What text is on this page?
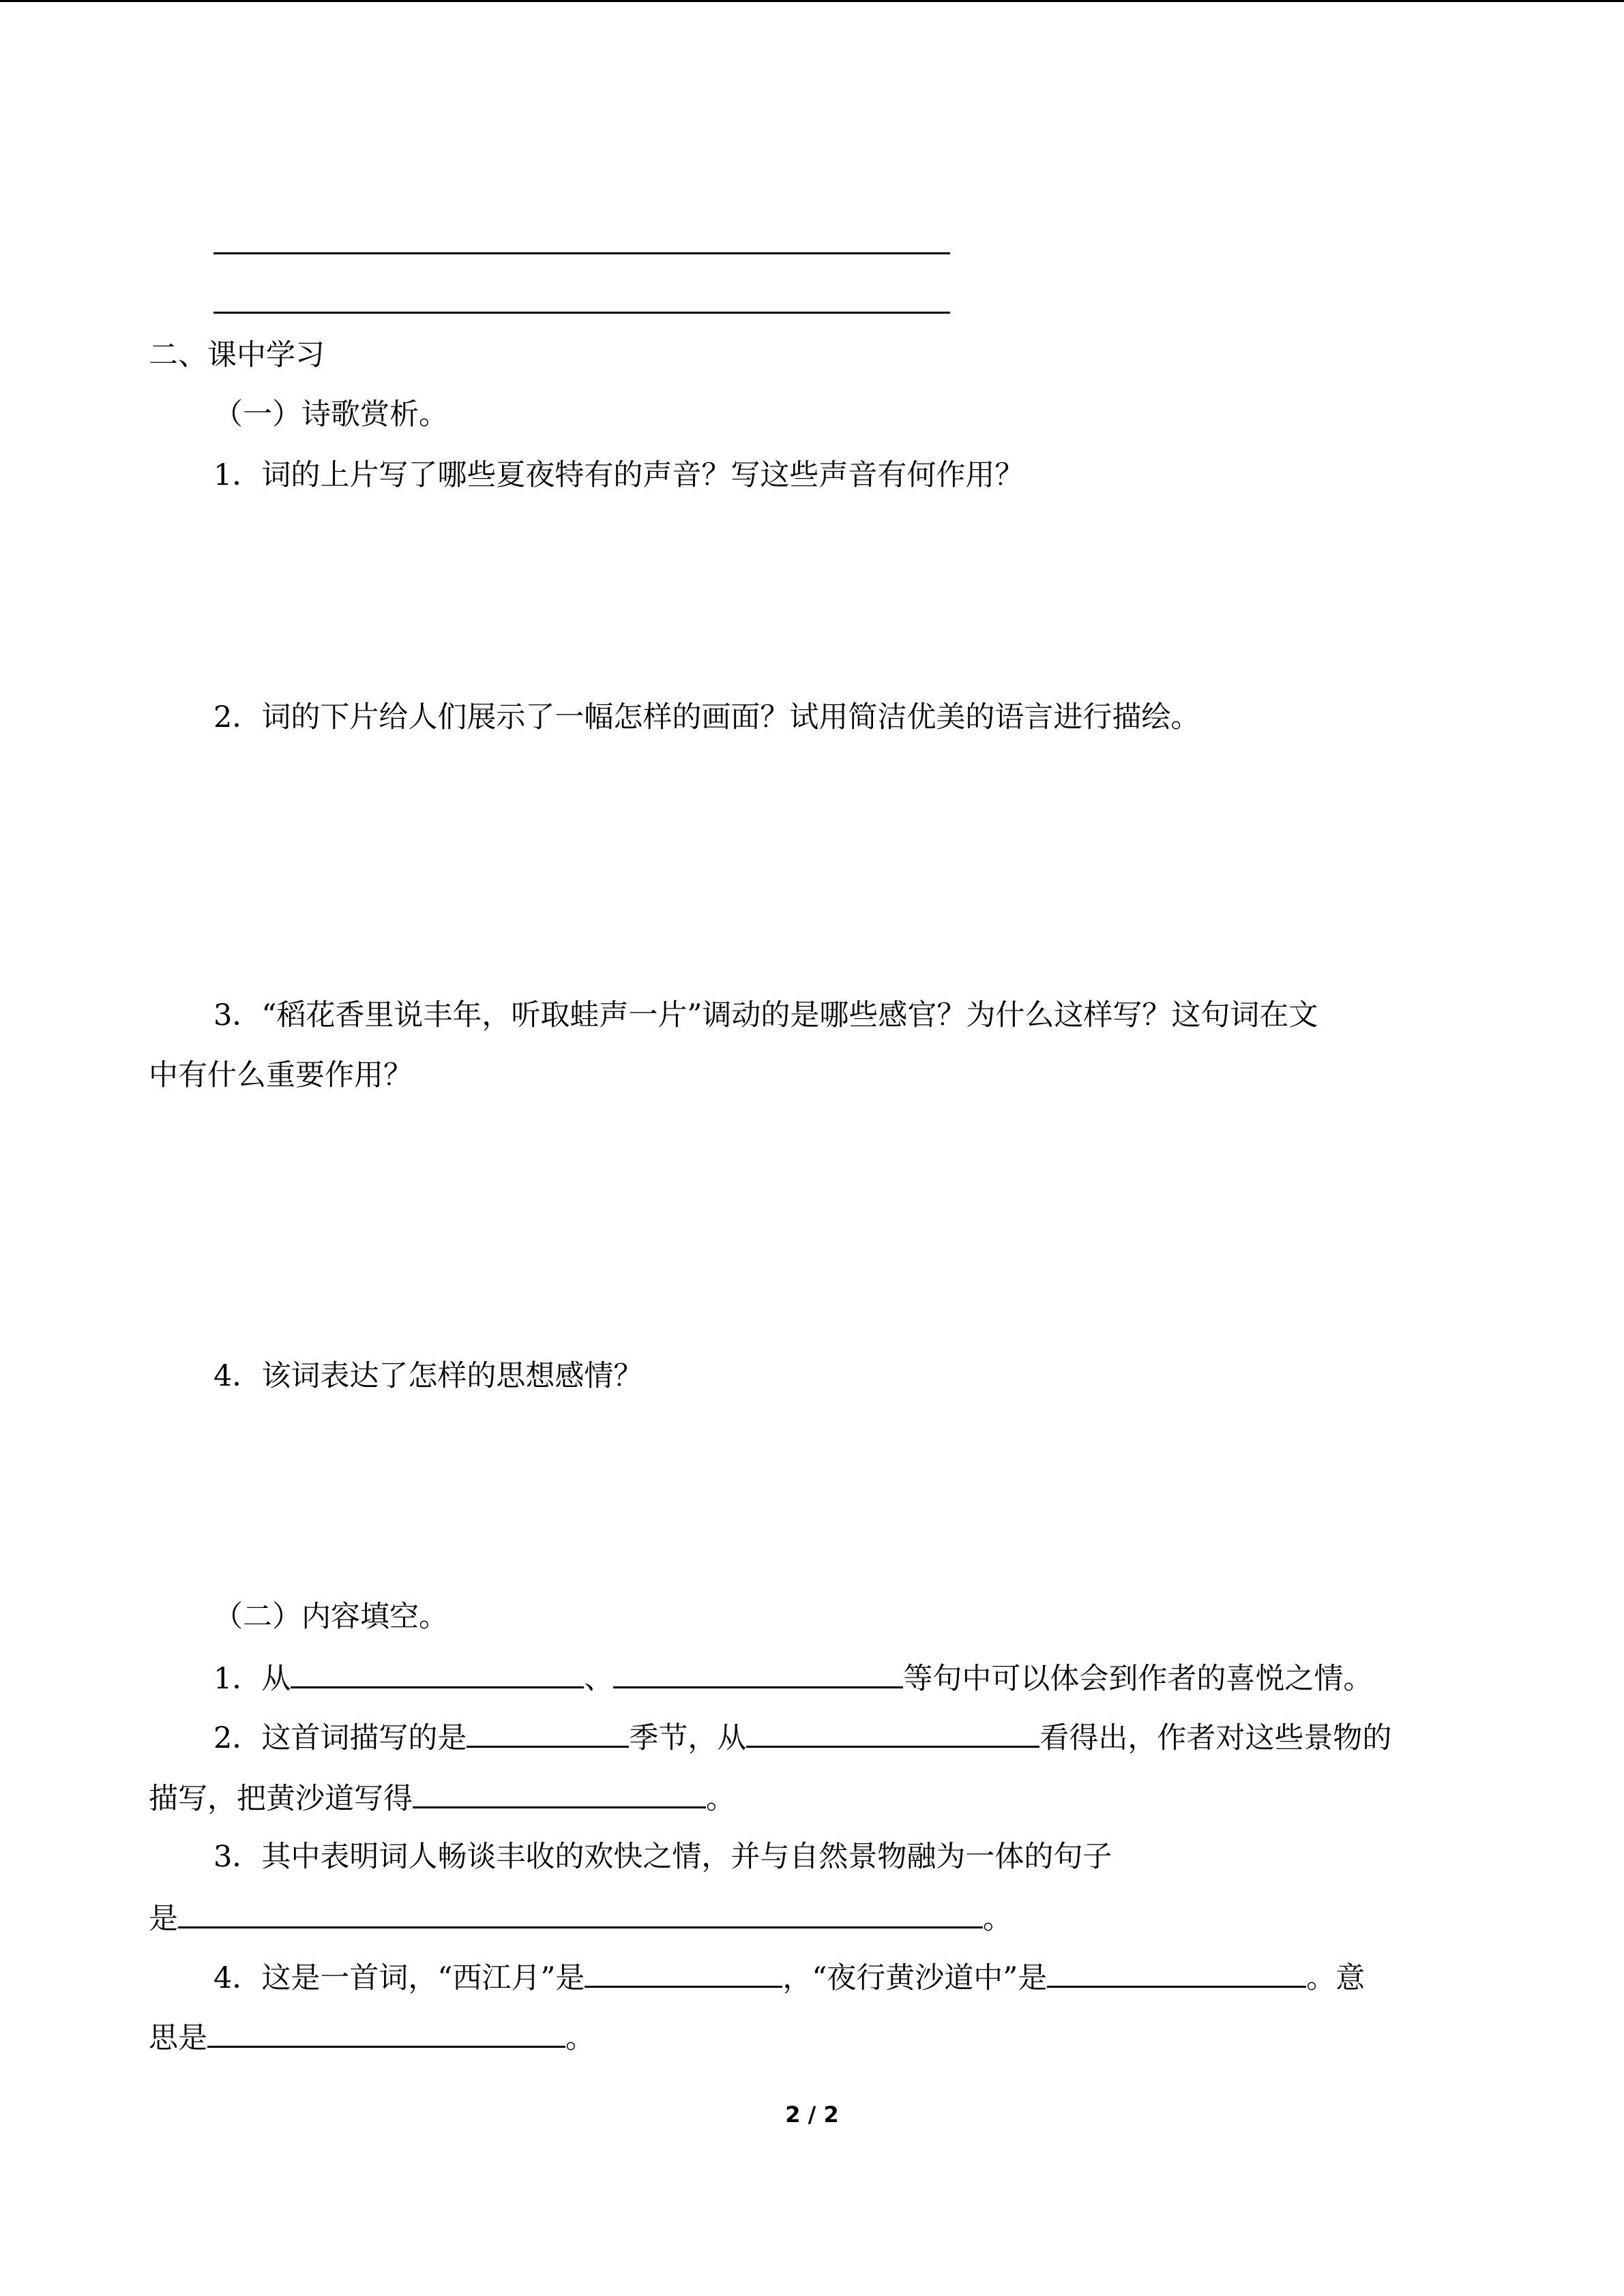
二、课中学习
（一）诗歌赏析。
1．词的上片写了哪些夏夜特有的声音？写这些声音有何作用？
2．词的下片给人们展示了一幅怎样的画面？试用简洁优美的语言进行描绘。
3．“稻花香里说丰年，听取蛙声一片”调动的是哪些感官？为什么这样写？这句词在文
中有什么重要作用？
4．该词表达了怎样的思想感情？
（二）内容填空。
1．从	、	等句中可以体会到作者的喜悦之情。
2．这首词描写的是	季节，从	看得出，作者对这些景物的
描写，把黄沙道写得	。
3．其中表明词人畅谈丰收的欢快之情，并与自然景物融为一体的句子
是	。
4．这是一首词，“西江月”是	，“夜行黄沙道中”是	。意
思是	。
2 / 2
